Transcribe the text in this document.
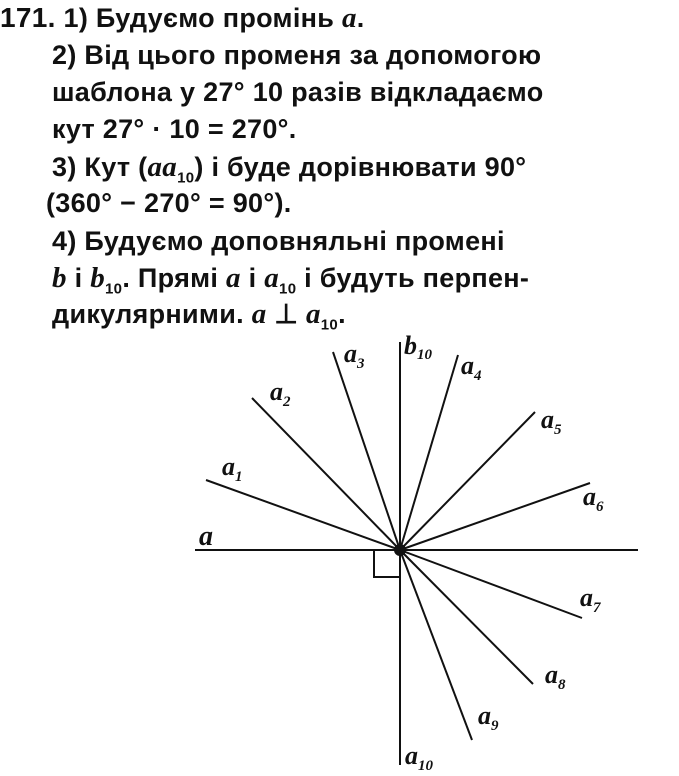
171. 1) Будуємо промінь a.
2) Від цього променя за допомогою
шаблона у 27° 10 разів відкладаємо
кут 27° · 10 = 270°.
3) Кут $(aa_{10})$ і буде дорівнювати 90°
(360° − 270° = 90°).
4) Будуємо доповняльні промені
b і $b_{10}$. Прямі a і $a_{10}$ і будуть перпен-
дикулярними. a ⊥ $a_{10}$.
a
$a_1$
$a_2$
$a_3$
b10 $a_4$
$a_5$
$a_6$
$a_7$
$a_8$
$a_9$
$a_{10}$
